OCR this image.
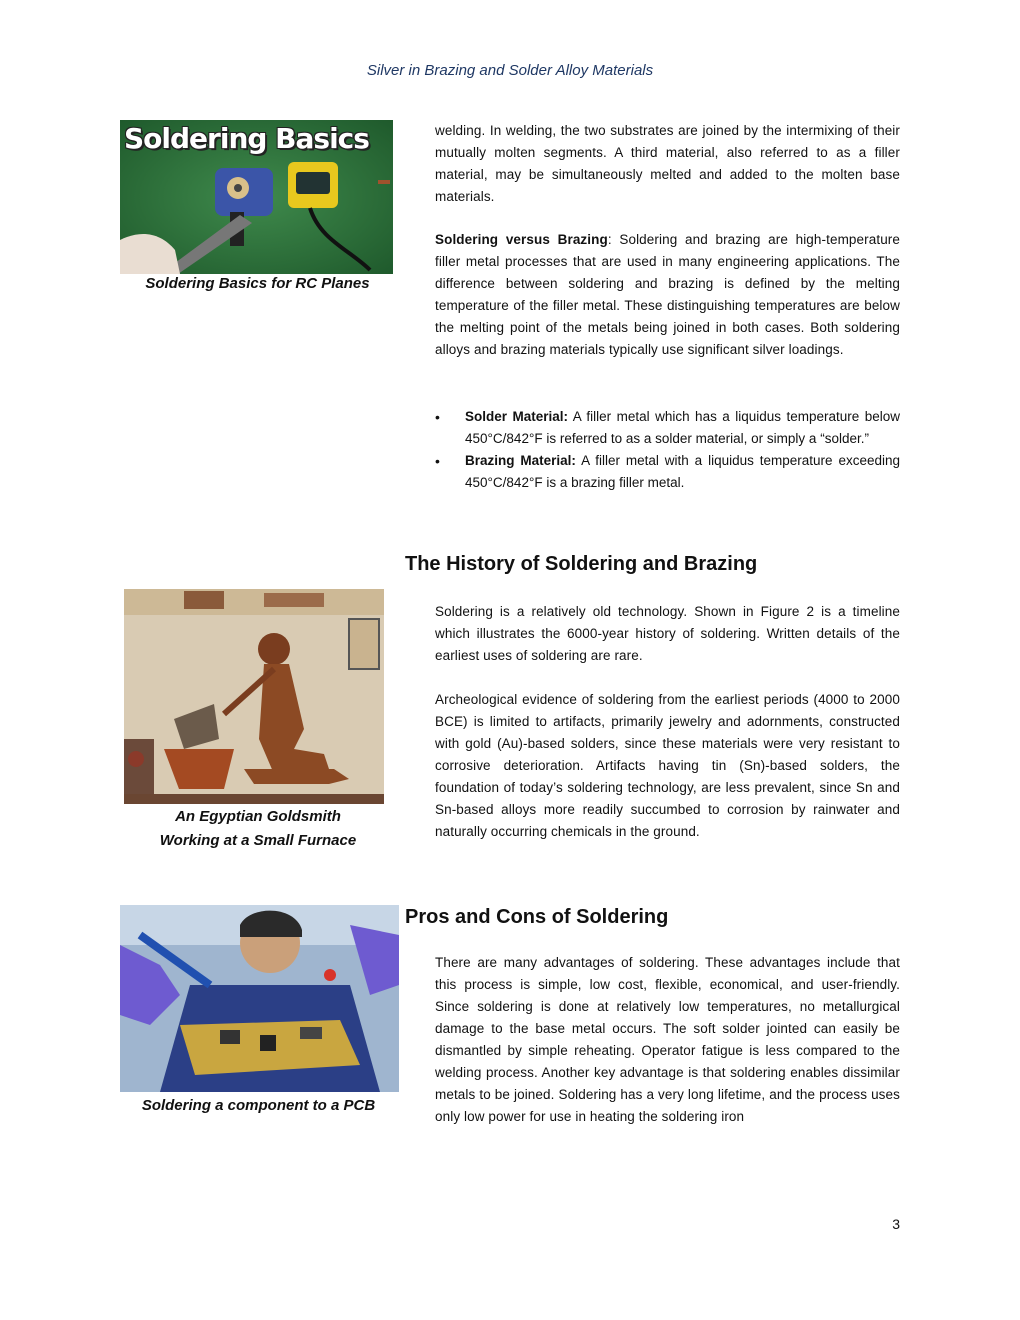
Silver in Brazing and Solder Alloy Materials
Soldering Basics
Soldering Basics for RC Planes

welding. In welding, the two substrates are joined by the intermixing of their mutually molten segments. A third material, also referred to as a filler material, may be simultaneously melted and added to the molten base materials.

Soldering versus Brazing: Soldering and brazing are high-temperature filler metal processes that are used in many engineering applications. The difference between soldering and brazing is defined by the melting temperature of the filler metal. These distinguishing temperatures are below the melting point of the metals being joined in both cases. Both soldering alloys and brazing materials typically use significant silver loadings.

• Solder Material: A filler metal which has a liquidus temperature below 450°C/842°F is referred to as a solder material, or simply a “solder.”
• Brazing Material: A filler metal with a liquidus temperature exceeding 450°C/842°F is a brazing filler metal.
The History of Soldering and Brazing
An Egyptian Goldsmith
Working at a Small Furnace

Soldering is a relatively old technology. Shown in Figure 2 is a timeline which illustrates the 6000-year history of soldering. Written details of the earliest uses of soldering are rare.

Archeological evidence of soldering from the earliest periods (4000 to 2000 BCE) is limited to artifacts, primarily jewelry and adornments, constructed with gold (Au)-based solders, since these materials were very resistant to corrosive deterioration. Artifacts having tin (Sn)-based solders, the foundation of today’s soldering technology, are less prevalent, since Sn and Sn-based alloys more readily succumbed to corrosion by rainwater and naturally occurring chemicals in the ground.

Soldering a component to a PCB
Pros and Cons of Soldering

There are many advantages of soldering. These advantages include that this process is simple, low cost, flexible, economical, and user-friendly. Since soldering is done at relatively low temperatures, no metallurgical damage to the base metal occurs. The soft solder jointed can easily be dismantled by simple reheating. Operator fatigue is less compared to the welding process. Another key advantage is that soldering enables dissimilar metals to be joined. Soldering has a very long lifetime, and the process uses only low power for use in heating the soldering iron

3
